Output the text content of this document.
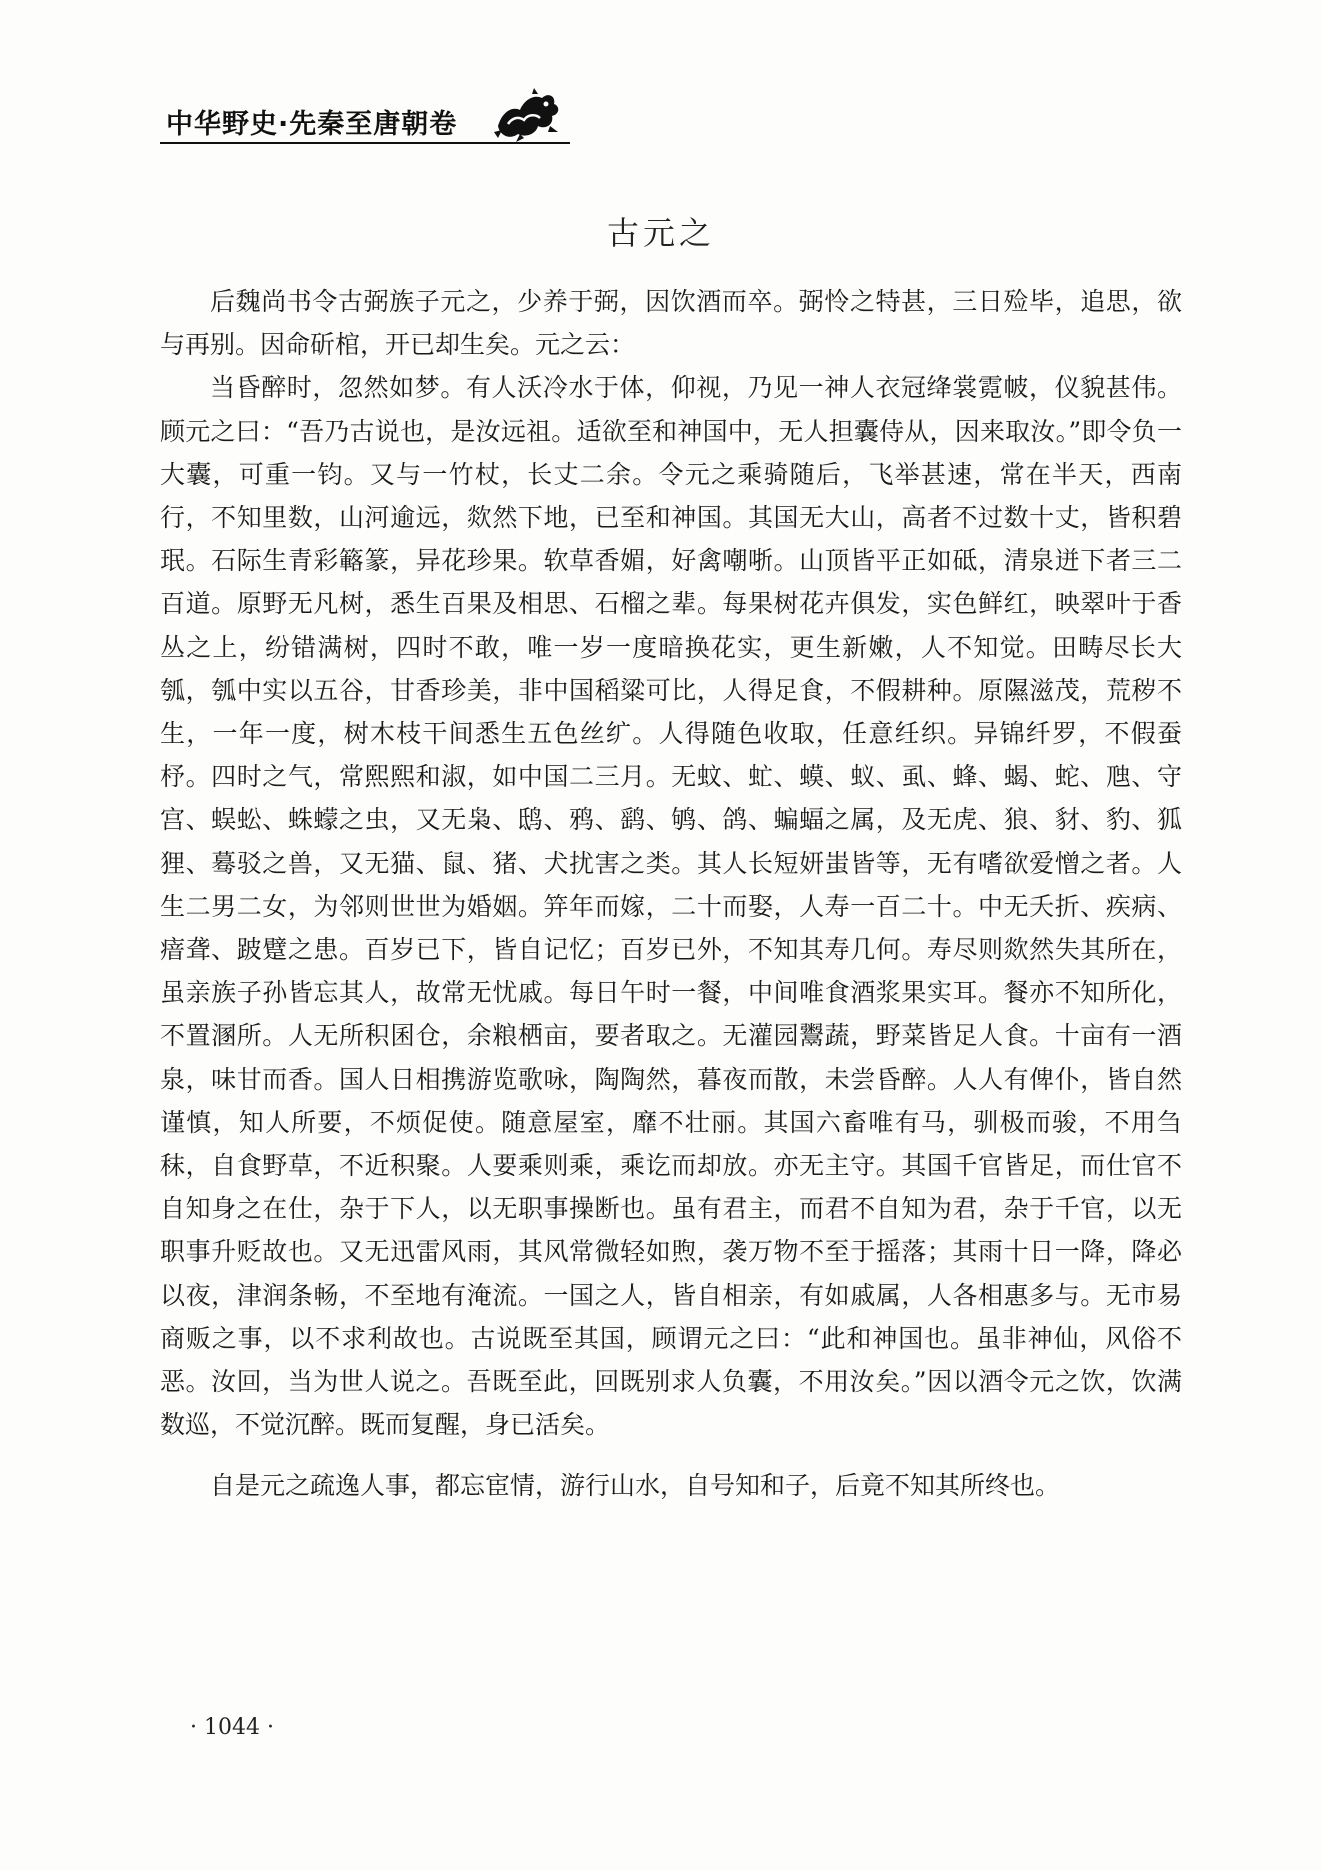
中华野史·先秦至唐朝卷
古元之

后魏尚书令古弼族子元之，少养于弼，因饮酒而卒。弼怜之特甚，三日殓毕，追思，欲与再别。因命斫棺，开已却生矣。元之云：

当昏醉时，忽然如梦。有人沃冷水于体，仰视，乃见一神人衣冠绛裳霓帔，仪貌甚伟。顾元之曰：“吾乃古说也，是汝远祖。适欲至和神国中，无人担囊侍从，因来取汝。”即令负一大囊，可重一钧。又与一竹杖，长丈二余。令元之乘骑随后，飞举甚速，常在半天，西南行，不知里数，山河逾远，欻然下地，已至和神国。其国无大山，高者不过数十丈，皆积碧珉。石际生青彩簵篆，异花珍果。软草香媚，好禽嘲哳。山顶皆平正如砥，清泉迸下者三二百道。原野无凡树，悉生百果及相思、石榴之辈。每果树花卉俱发，实色鲜红，映翠叶于香丛之上，纷错满树，四时不敢，唯一岁一度暗换花实，更生新嫩，人不知觉。田畴尽长大瓠，瓠中实以五谷，甘香珍美，非中国稻粱可比，人得足食，不假耕种。原隰滋茂，荒秽不生，一年一度，树木枝干间悉生五色丝纩。人得随色收取，任意纴织。异锦纤罗，不假蚕杼。四时之气，常熙熙和淑，如中国二三月。无蚊、虻、蟆、蚁、虱、蜂、蝎、蛇、虺、守宫、蜈蚣、蛛蠓之虫，又无枭、鸱、鸦、鹞、鸲、鸽、蝙蝠之属，及无虎、狼、豺、豹、狐狸、蓦驳之兽，又无猫、鼠、猪、犬扰害之类。其人长短妍蚩皆等，无有嗜欲爱憎之者。人生二男二女，为邻则世世为婚姻。笄年而嫁，二十而娶，人寿一百二十。中无夭折、疾病、瘖聋、跛躄之患。百岁已下，皆自记忆；百岁已外，不知其寿几何。寿尽则欻然失其所在，虽亲族子孙皆忘其人，故常无忧戚。每日午时一餐，中间唯食酒浆果实耳。餐亦不知所化，不置溷所。人无所积囷仓，余粮栖亩，要者取之。无灌园鬻蔬，野菜皆足人食。十亩有一酒泉，味甘而香。国人日相携游览歌咏，陶陶然，暮夜而散，未尝昏醉。人人有俾仆，皆自然谨慎，知人所要，不烦促使。随意屋室，靡不壮丽。其国六畜唯有马，驯极而骏，不用刍秣，自食野草，不近积聚。人要乘则乘，乘讫而却放。亦无主守。其国千官皆足，而仕官不自知身之在仕，杂于下人，以无职事操断也。虽有君主，而君不自知为君，杂于千官，以无职事升贬故也。又无迅雷风雨，其风常微轻如煦，袭万物不至于摇落；其雨十日一降，降必以夜，津润条畅，不至地有淹流。一国之人，皆自相亲，有如戚属，人各相惠多与。无市易商贩之事，以不求利故也。古说既至其国，顾谓元之曰：“此和神国也。虽非神仙，风俗不恶。汝回，当为世人说之。吾既至此，回既别求人负囊，不用汝矣。”因以酒令元之饮，饮满数巡，不觉沉醉。既而复醒，身已活矣。

自是元之疏逸人事，都忘宦情，游行山水，自号知和子，后竟不知其所终也。

· 1044 ·
